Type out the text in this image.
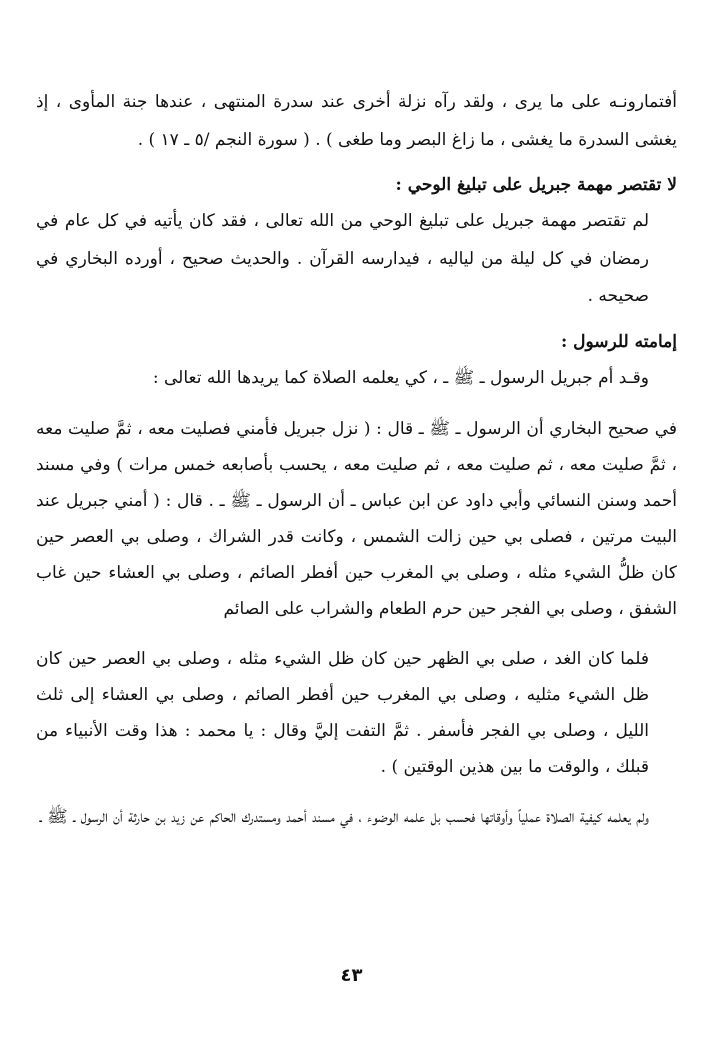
أفتمارونـه على ما يرى ، ولقد رآه نزلة أخرى عند سدرة المنتهى ، عندها جنة المأوى ، إذ يغشى السدرة ما يغشى ، ما زاغ البصر وما طغى ) . ( سورة النجم /٥ ـ ١٧ ) .

لا تقتصر مهمة جبريل على تبليغ الوحي :

لم تقتصر مهمة جبريل على تبليغ الوحي من الله تعالى ، فقد كان يأتيه في كل عام في رمضان في كل ليلة من لياليه ، فيدارسه القرآن . والحديث صحيح ، أورده البخاري في صحيحه .

إمامته للرسول :

وقـد أم جبريل الرسول ـ ﷺ ـ ، كي يعلمه الصلاة كما يريدها الله تعالى :

في صحيح البخاري أن الرسول ـ ﷺ ـ قال : ( نزل جبريل فأمني فصليت معه ، ثمَّ صليت معه ، ثمَّ صليت معه ، ثم صليت معه ، ثم صليت معه ، يحسب بأصابعه خمس مرات ) وفي مسند أحمد وسنن النسائي وأبي داود عن ابن عباس ـ أن الرسول ـ ﷺ ـ . قال : ( أمني جبريل عند البيت مرتين ، فصلى بي حين زالت الشمس ، وكانت قدر الشراك ، وصلى بي العصر حين كان ظلُّ الشيء مثله ، وصلى بي المغرب حين أفطر الصائم ، وصلى بي العشاء حين غاب الشفق ، وصلى بي الفجر حين حرم الطعام والشراب على الصائم

فلما كان الغد ، صلى بي الظهر حين كان ظل الشيء مثله ، وصلى بي العصر حين كان ظل الشيء مثليه ، وصلى بي المغرب حين أفطر الصائم ، وصلى بي العشاء إلى ثلث الليل ، وصلى بي الفجر فأسفر . ثمَّ التفت إليَّ وقال : يا محمد : هذا وقت الأنبياء من قبلك ، والوقت ما بين هذين الوقتين ) .

ولم يعلمه كيفية الصلاة عملياً وأوقاتها فحسب بل علمه الوضوء ، في مسند أحمد ومستدرك الحاكم عن زيد بن حارثة أن الرسول ـ ﷺ ـ

٤٣
